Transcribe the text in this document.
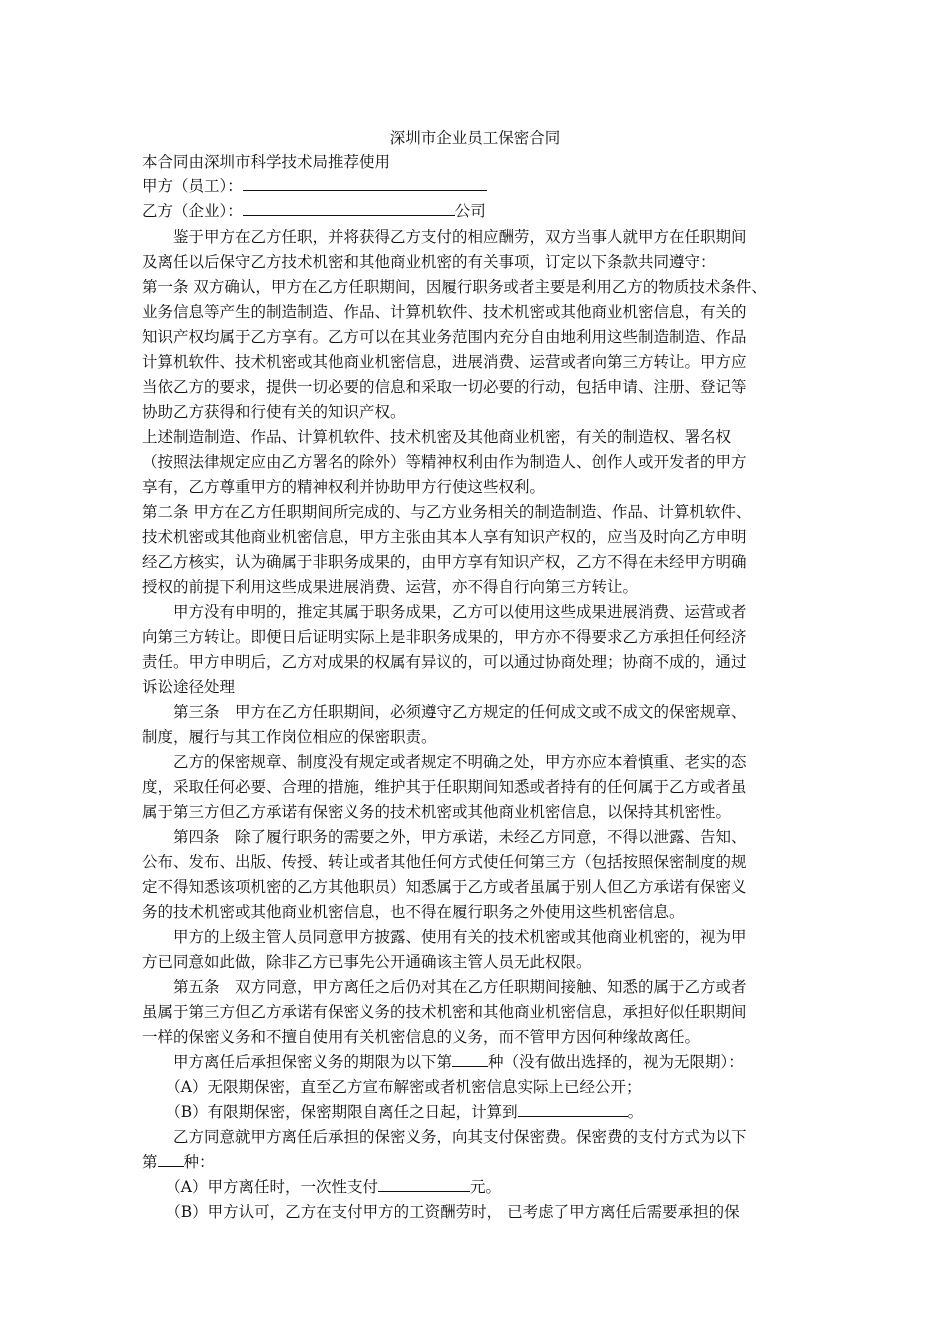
深圳市企业员工保密合同
本合同由深圳市科学技术局推荐使用
甲方（员工）：
乙方（企业）：	公司
　　鉴于甲方在乙方任职，并将获得乙方支付的相应酬劳，双方当事人就甲方在任职期间
及离任以后保守乙方技术机密和其他商业机密的有关事项，订定以下条款共同遵守：
第一条 双方确认，甲方在乙方任职期间，因履行职务或者主要是利用乙方的物质技术条件、
业务信息等产生的制造制造、作品、计算机软件、技术机密或其他商业机密信息，有关的
知识产权均属于乙方享有。乙方可以在其业务范围内充分自由地利用这些制造制造、作品
计算机软件、技术机密或其他商业机密信息，进展消费、运营或者向第三方转让。甲方应
当依乙方的要求，提供一切必要的信息和采取一切必要的行动，包括申请、注册、登记等
协助乙方获得和行使有关的知识产权。
上述制造制造、作品、计算机软件、技术机密及其他商业机密，有关的制造权、署名权
（按照法律规定应由乙方署名的除外）等精神权利由作为制造人、创作人或开发者的甲方
享有，乙方尊重甲方的精神权利并协助甲方行使这些权利。
第二条 甲方在乙方任职期间所完成的、与乙方业务相关的制造制造、作品、计算机软件、
技术机密或其他商业机密信息，甲方主张由其本人享有知识产权的，应当及时向乙方申明
经乙方核实，认为确属于非职务成果的，由甲方享有知识产权，乙方不得在未经甲方明确
授权的前提下利用这些成果进展消费、运营，亦不得自行向第三方转让。
　　甲方没有申明的，推定其属于职务成果，乙方可以使用这些成果进展消费、运营或者
向第三方转让。即便日后证明实际上是非职务成果的，甲方亦不得要求乙方承担任何经济
责任。甲方申明后，乙方对成果的权属有异议的，可以通过协商处理；协商不成的，通过
诉讼途径处理
　　第三条　甲方在乙方任职期间，必须遵守乙方规定的任何成文或不成文的保密规章、
制度，履行与其工作岗位相应的保密职责。
　　乙方的保密规章、制度没有规定或者规定不明确之处，甲方亦应本着慎重、老实的态
度，采取任何必要、合理的措施，维护其于任职期间知悉或者持有的任何属于乙方或者虽
属于第三方但乙方承诺有保密义务的技术机密或其他商业机密信息，以保持其机密性。
　　第四条　除了履行职务的需要之外，甲方承诺，未经乙方同意，不得以泄露、告知、
公布、发布、出版、传授、转让或者其他任何方式使任何第三方（包括按照保密制度的规
定不得知悉该项机密的乙方其他职员）知悉属于乙方或者虽属于别人但乙方承诺有保密义
务的技术机密或其他商业机密信息，也不得在履行职务之外使用这些机密信息。
　　甲方的上级主管人员同意甲方披露、使用有关的技术机密或其他商业机密的，视为甲
方已同意如此做，除非乙方已事先公开通确该主管人员无此权限。
　　第五条　双方同意，甲方离任之后仍对其在乙方任职期间接触、知悉的属于乙方或者
虽属于第三方但乙方承诺有保密义务的技术机密和其他商业机密信息，承担好似任职期间
一样的保密义务和不擅自使用有关机密信息的义务，而不管甲方因何种缘故离任。
　　甲方离任后承担保密义务的期限为以下第 种（没有做出选择的，视为无限期）：
　　（A）无限期保密，直至乙方宣布解密或者机密信息实际上已经公开；
　　（B）有限期保密，保密期限自离任之日起，计算到	。
　　乙方同意就甲方离任后承担的保密义务，向其支付保密费。保密费的支付方式为以下
第 种：
　　（A）甲方离任时，一次性支付	元。
　　（B）甲方认可，乙方在支付甲方的工资酬劳时， 已考虑了甲方离任后需要承担的保
